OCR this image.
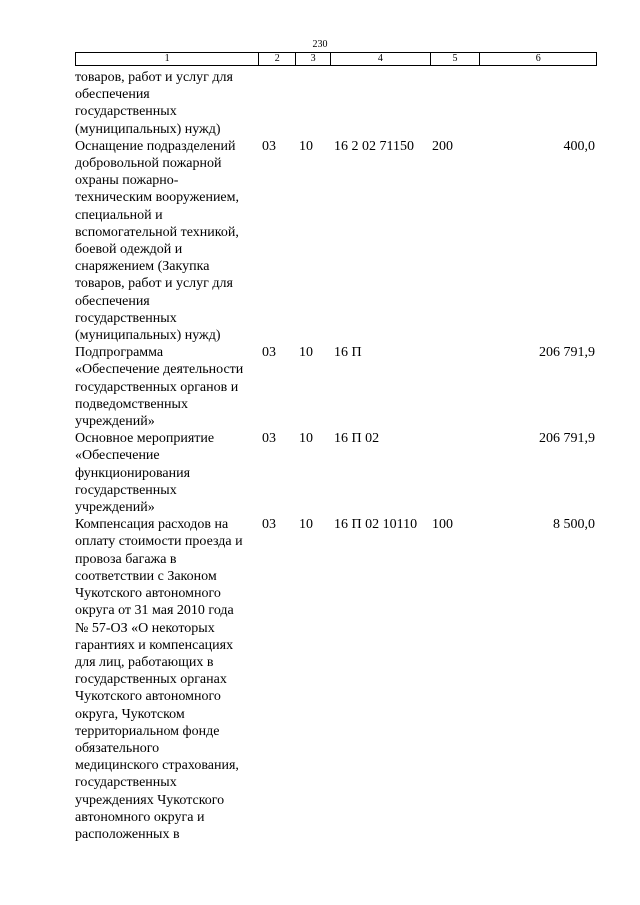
230
1	2	3	4	5	6
товаров, работ и услуг для
обеспечения
государственных
(муниципальных) нужд)
Оснащение подразделений
добровольной пожарной
охраны пожарно-
техническим вооружением,
специальной и
вспомогательной техникой,
боевой одеждой и
снаряжением (Закупка
товаров, работ и услуг для
обеспечения
государственных
(муниципальных) нужд)
03	10	16 2 02 71150	200	400,0
Подпрограмма
«Обеспечение деятельности
государственных органов и
подведомственных
учреждений»
03	10	16 П	206 791,9
Основное мероприятие
«Обеспечение
функционирования
государственных
учреждений»
03	10	16 П 02	206 791,9
Компенсация расходов на
оплату стоимости проезда и
провоза багажа в
соответствии с Законом
Чукотского автономного
округа от 31 мая 2010 года
№ 57-ОЗ «О некоторых
гарантиях и компенсациях
для лиц, работающих в
государственных органах
Чукотского автономного
округа, Чукотском
территориальном фонде
обязательного
медицинского страхования,
государственных
учреждениях Чукотского
автономного округа и
расположенных в
03	10	16 П 02 10110	100	8 500,0
